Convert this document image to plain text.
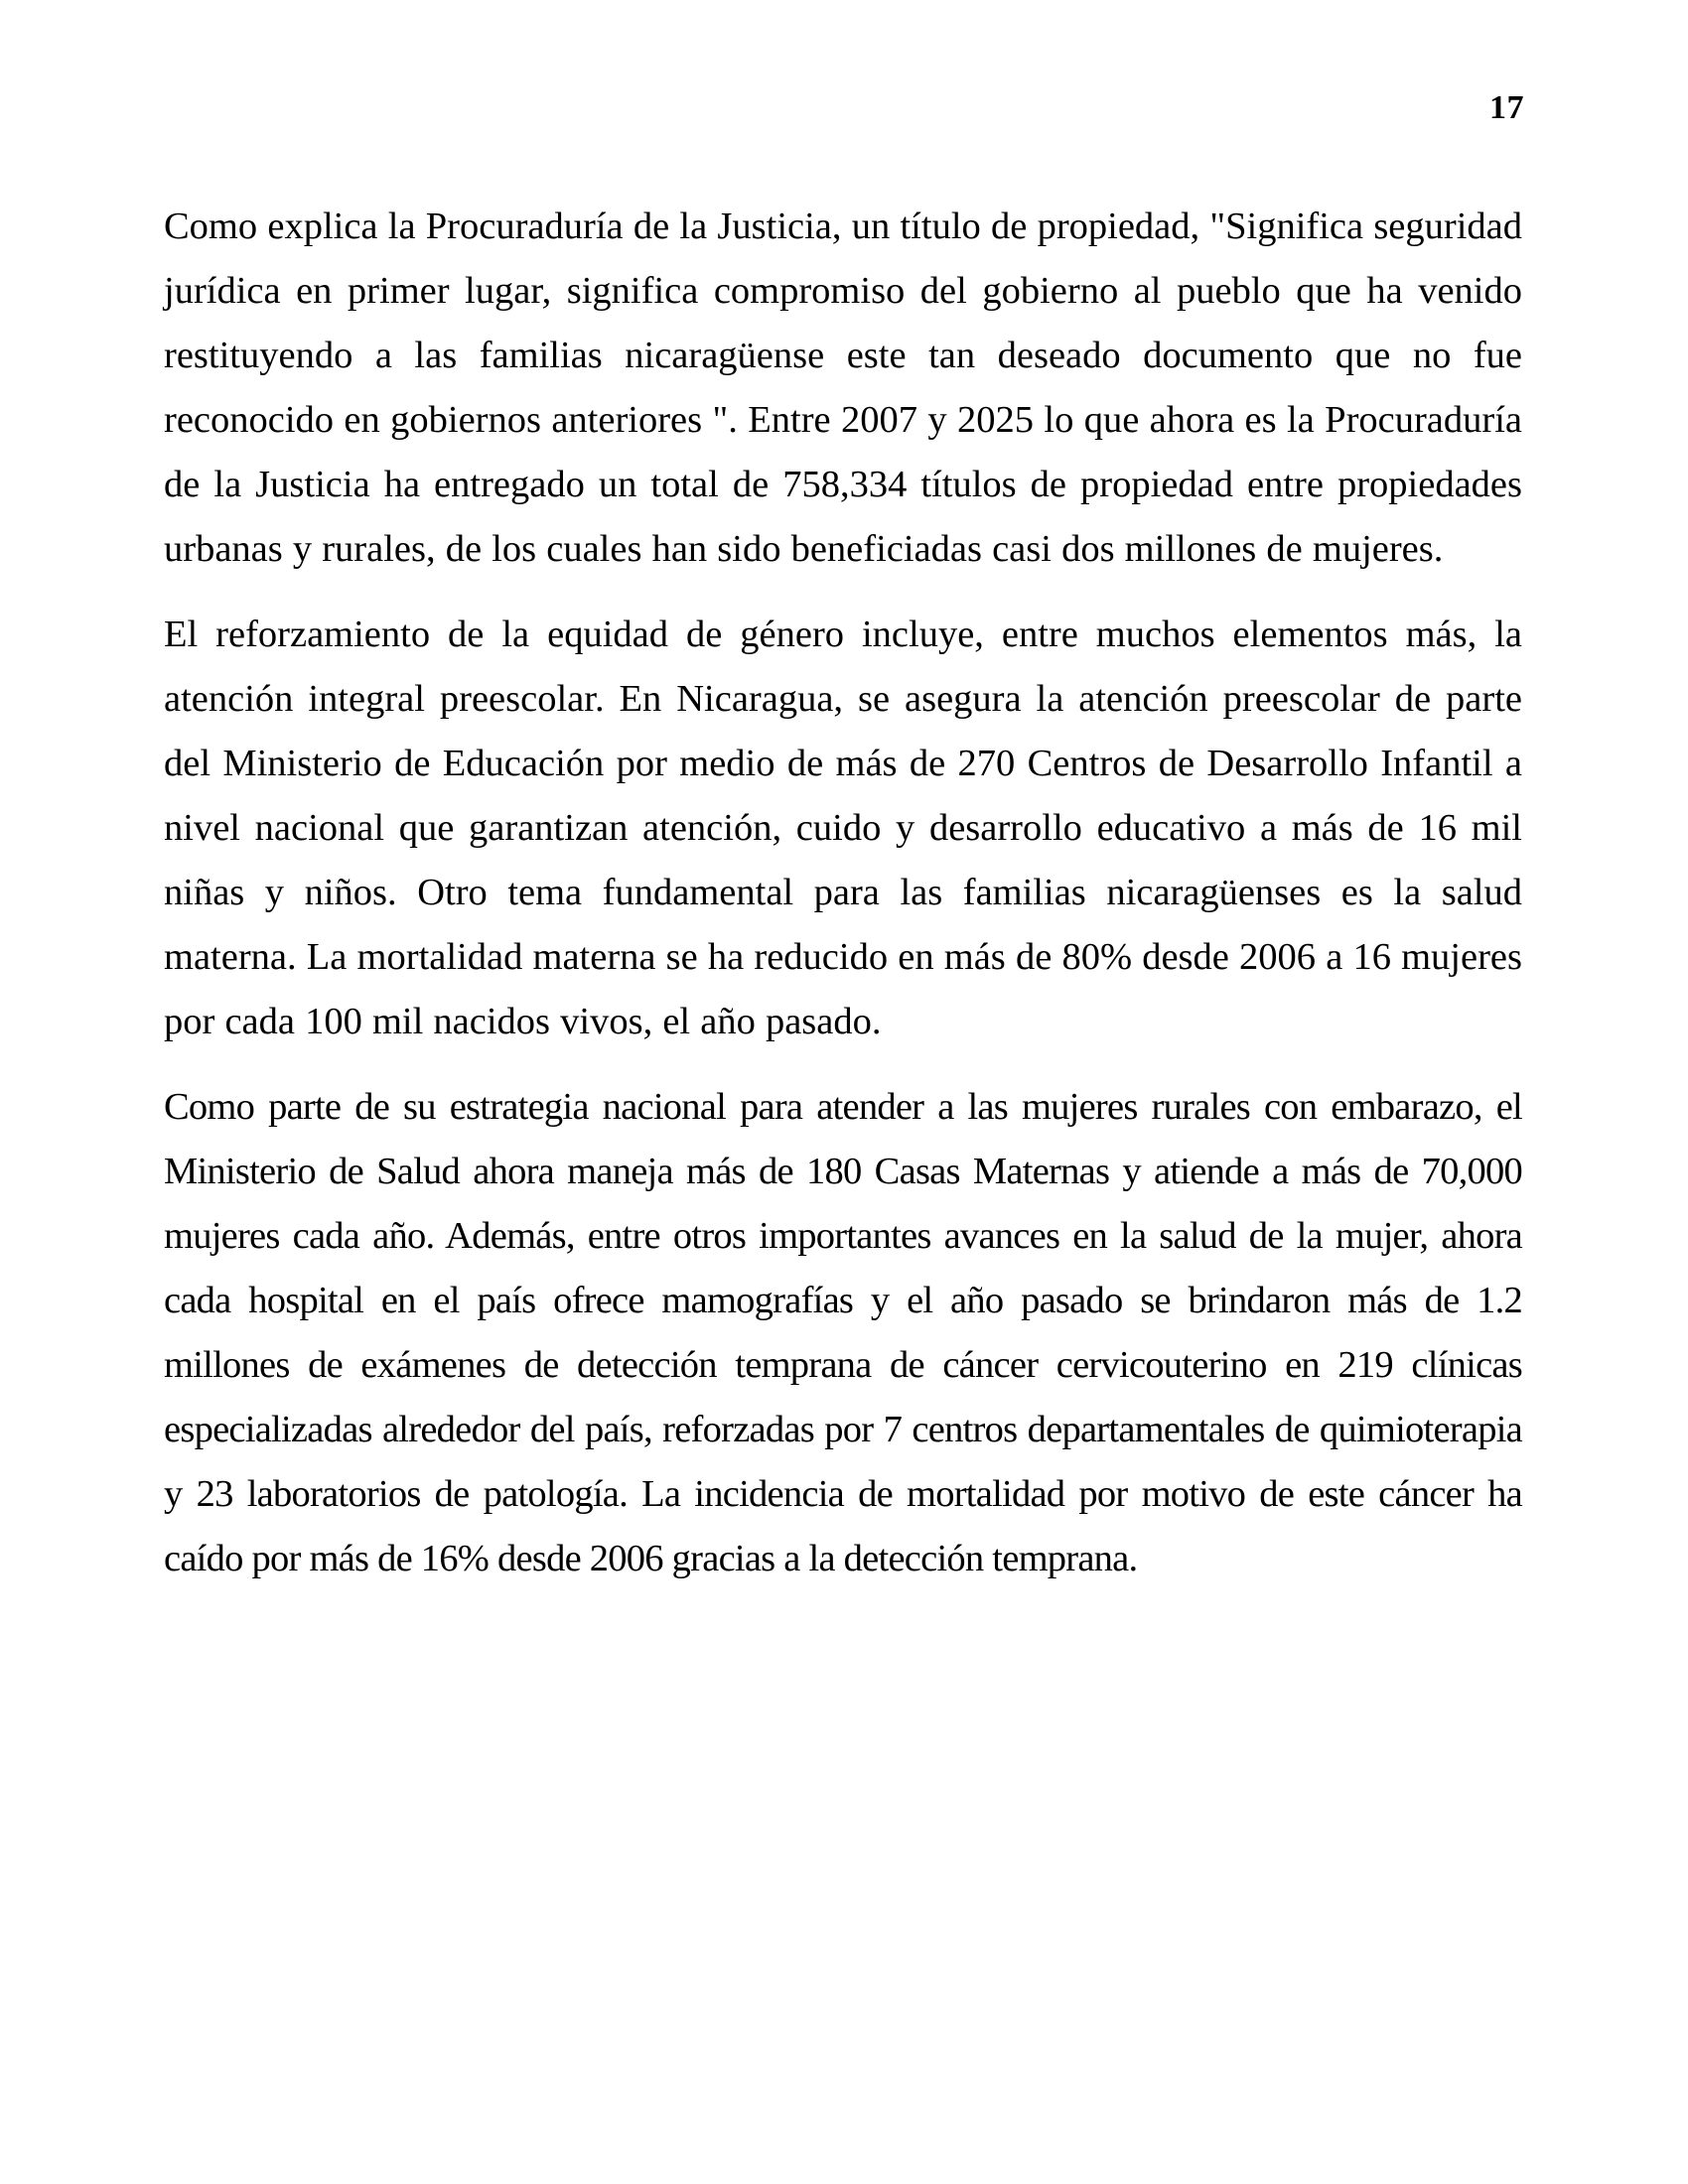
17

Como explica la Procuraduría de la Justicia, un título de propiedad, "Significa seguridad jurídica en primer lugar, significa compromiso del gobierno al pueblo que ha venido restituyendo a las familias nicaragüense este tan deseado documento que no fue reconocido en gobiernos anteriores ". Entre 2007 y 2025 lo que ahora es la Procuraduría de la Justicia ha entregado un total de 758,334 títulos de propiedad entre propiedades urbanas y rurales, de los cuales han sido beneficiadas casi dos millones de mujeres.

El reforzamiento de la equidad de género incluye, entre muchos elementos más, la atención integral preescolar. En Nicaragua, se asegura la atención preescolar de parte del Ministerio de Educación por medio de más de 270 Centros de Desarrollo Infantil a nivel nacional que garantizan atención, cuido y desarrollo educativo a más de 16 mil niñas y niños. Otro tema fundamental para las familias nicaragüenses es la salud materna. La mortalidad materna se ha reducido en más de 80% desde 2006 a 16 mujeres por cada 100 mil nacidos vivos, el año pasado.

Como parte de su estrategia nacional para atender a las mujeres rurales con embarazo, el Ministerio de Salud ahora maneja más de 180 Casas Maternas y atiende a más de 70,000 mujeres cada año. Además, entre otros importantes avances en la salud de la mujer, ahora cada hospital en el país ofrece mamografías y el año pasado se brindaron más de 1.2 millones de exámenes de detección temprana de cáncer cervicouterino en 219 clínicas especializadas alrededor del país, reforzadas por 7 centros departamentales de quimioterapia y 23 laboratorios de patología. La incidencia de mortalidad por motivo de este cáncer ha caído por más de 16% desde 2006 gracias a la detección temprana.
